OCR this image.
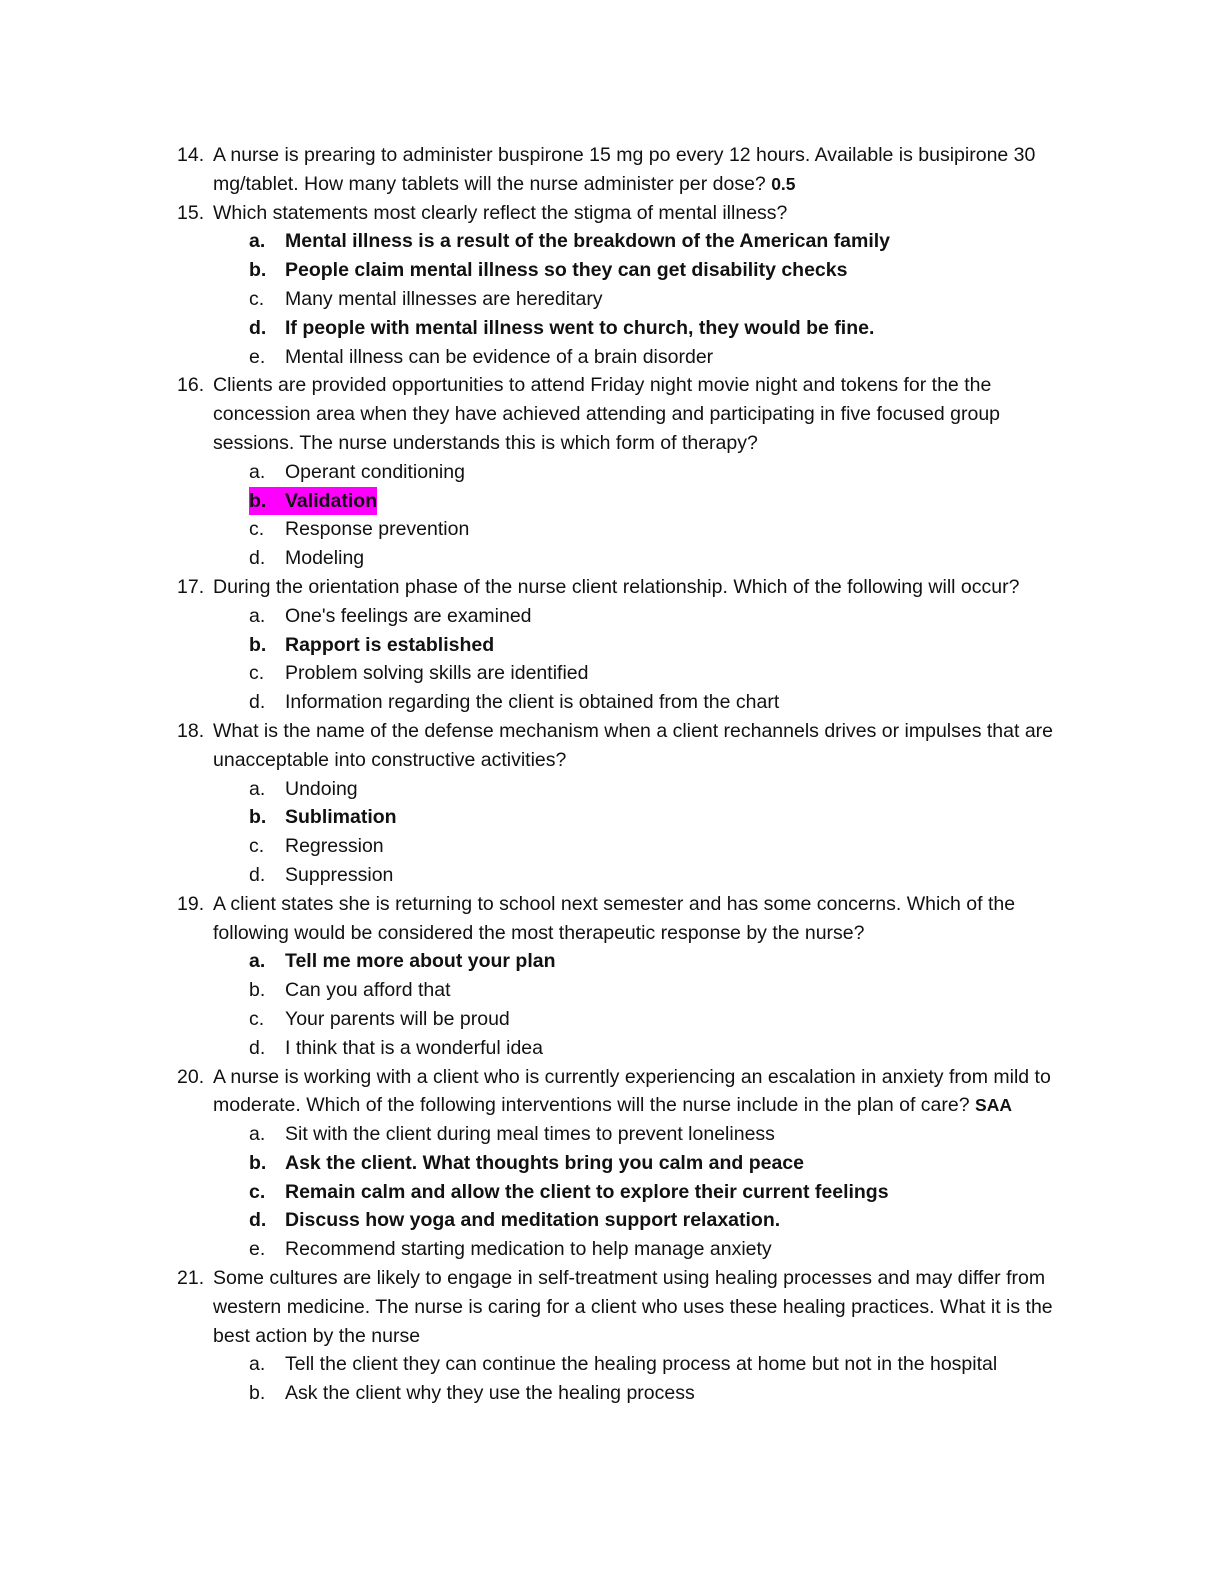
14. A nurse is prearing to administer buspirone 15 mg po every 12 hours. Available is busipirone 30 mg/tablet. How many tablets will the nurse administer per dose? 0.5
15. Which statements most clearly reflect the stigma of mental illness?
a. Mental illness is a result of the breakdown of the American family
b. People claim mental illness so they can get disability checks
c. Many mental illnesses are hereditary
d. If people with mental illness went to church, they would be fine.
e. Mental illness can be evidence of a brain disorder
16. Clients are provided opportunities to attend Friday night movie night and tokens for the the concession area when they have achieved attending and participating in five focused group sessions. The nurse understands this is which form of therapy?
a. Operant conditioning
b. Validation
c. Response prevention
d. Modeling
17. During the orientation phase of the nurse client relationship. Which of the following will occur?
a. One's feelings are examined
b. Rapport is established
c. Problem solving skills are identified
d. Information regarding the client is obtained from the chart
18. What is the name of the defense mechanism when a client rechannels drives or impulses that are unacceptable into constructive activities?
a. Undoing
b. Sublimation
c. Regression
d. Suppression
19. A client states she is returning to school next semester and has some concerns. Which of the following would be considered the most therapeutic response by the nurse?
a. Tell me more about your plan
b. Can you afford that
c. Your parents will be proud
d. I think that is a wonderful idea
20. A nurse is working with a client who is currently experiencing an escalation in anxiety from mild to moderate. Which of the following interventions will the nurse include in the plan of care? SAA
a. Sit with the client during meal times to prevent loneliness
b. Ask the client. What thoughts bring you calm and peace
c. Remain calm and allow the client to explore their current feelings
d. Discuss how yoga and meditation support relaxation.
e. Recommend starting medication to help manage anxiety
21. Some cultures are likely to engage in self-treatment using healing processes and may differ from western medicine. The nurse is caring for a client who uses these healing practices. What it is the best action by the nurse
a. Tell the client they can continue the healing process at home but not in the hospital
b. Ask the client why they use the healing process
